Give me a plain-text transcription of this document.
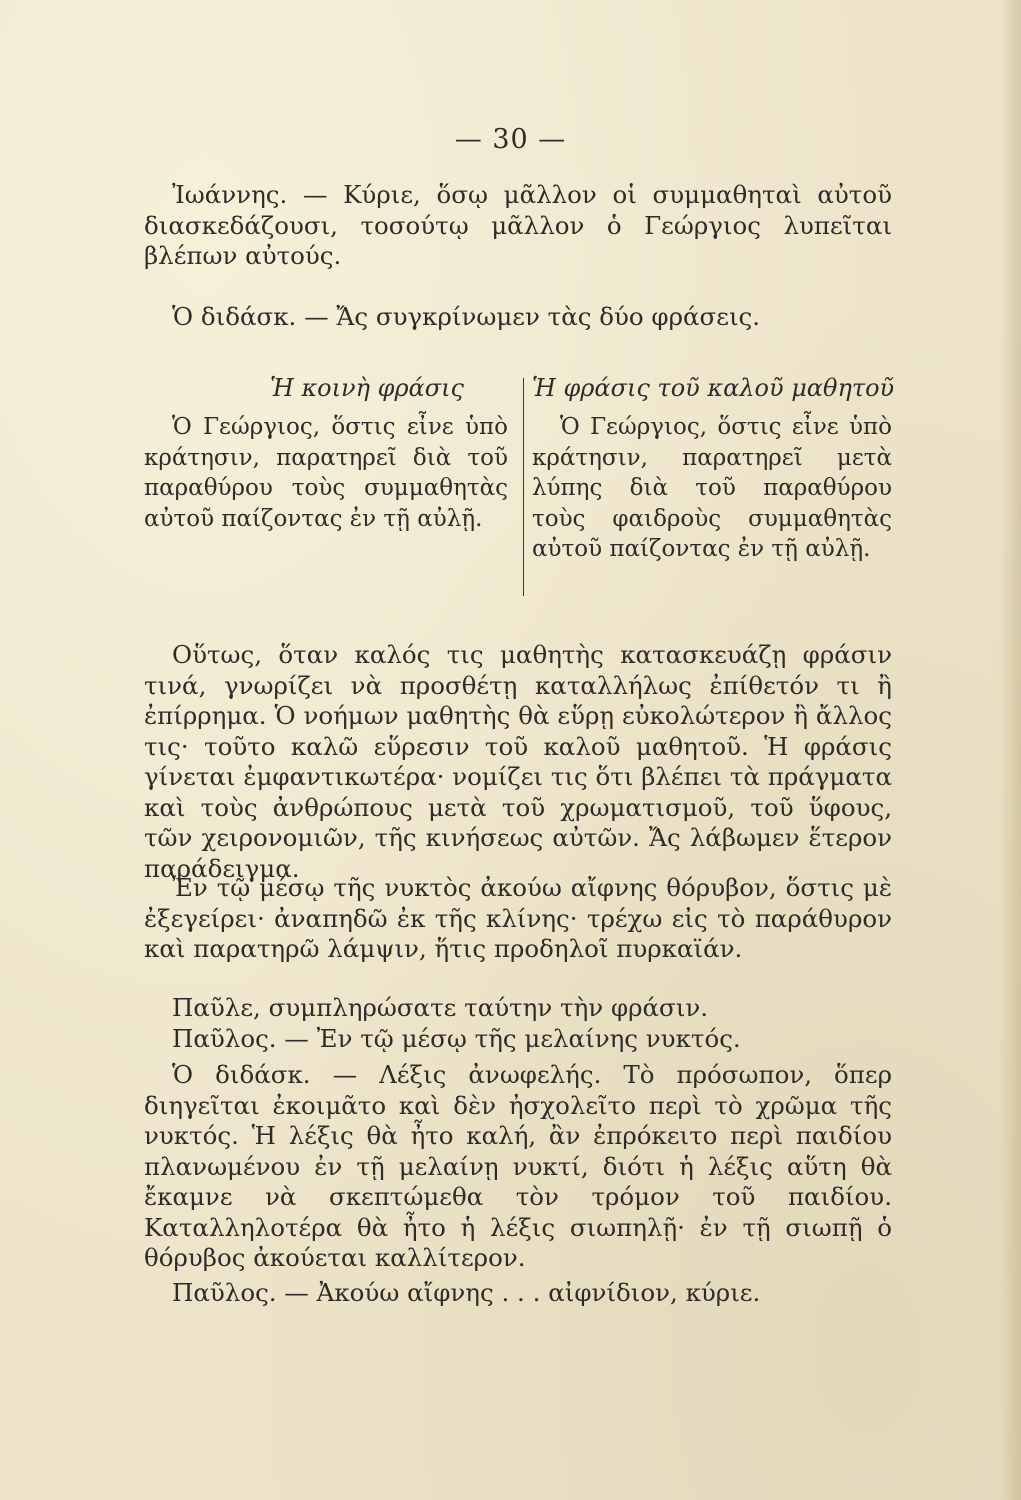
— 30 —

Ἰωάννης. — Κύριε, ὅσῳ μᾶλλον οἱ συμμαθηταὶ αὐτοῦ διασκεδάζουσι, τοσούτῳ μᾶλλον ὁ Γεώργιος λυπεῖται βλέπων αὐτούς.

Ὁ διδάσκ. — Ἄς συγκρίνωμεν τὰς δύο φράσεις.

Ἡ κοινὴ φράσις

Ὁ Γεώργιος, ὅστις εἶνε ὑπὸ κράτησιν, παρατηρεῖ διὰ τοῦ παραθύρου τοὺς συμμαθητὰς αὐτοῦ παίζοντας ἐν τῇ αὐλῇ.

Ἡ φράσις τοῦ καλοῦ μαθητοῦ

Ὁ Γεώργιος, ὅστις εἶνε ὑπὸ κράτησιν, παρατηρεῖ μετὰ λύπης διὰ τοῦ παραθύρου τοὺς φαιδροὺς συμμαθητὰς αὐτοῦ παίζοντας ἐν τῇ αὐλῇ.

Οὕτως, ὅταν καλός τις μαθητὴς κατασκευάζῃ φράσιν τινά, γνωρίζει νὰ προσθέτῃ καταλλήλως ἐπίθετόν τι ἢ ἐπίρρημα. Ὁ νοήμων μαθητὴς θὰ εὕρῃ εὐκολώτερον ἢ ἄλλος τις· τοῦτο καλῶ εὕρεσιν τοῦ καλοῦ μαθητοῦ. Ἡ φράσις γίνεται ἐμφαντικωτέρα· νομίζει τις ὅτι βλέπει τὰ πράγματα καὶ τοὺς ἀνθρώπους μετὰ τοῦ χρωματισμοῦ, τοῦ ὕφους, τῶν χειρονομιῶν, τῆς κινήσεως αὐτῶν. Ἄς λάβωμεν ἕτερον παράδειγμα.

Ἐν τῷ μέσῳ τῆς νυκτὸς ἀκούω αἴφνης θόρυβον, ὅστις μὲ ἐξεγείρει· ἀναπηδῶ ἐκ τῆς κλίνης· τρέχω εἰς τὸ παράθυρον καὶ παρατηρῶ λάμψιν, ἥτις προδηλοῖ πυρκαϊάν.

Παῦλε, συμπληρώσατε ταύτην τὴν φράσιν.

Παῦλος. — Ἐν τῷ μέσῳ τῆς μελαίνης νυκτός.

Ὁ διδάσκ. — Λέξις ἀνωφελής. Τὸ πρόσωπον, ὅπερ διηγεῖται ἐκοιμᾶτο καὶ δὲν ἠσχολεῖτο περὶ τὸ χρῶμα τῆς νυκτός. Ἡ λέξις θὰ ἦτο καλή, ἂν ἐπρόκειτο περὶ παιδίου πλανωμένου ἐν τῇ μελαίνῃ νυκτί, διότι ἡ λέξις αὕτη θὰ ἔκαμνε νὰ σκεπτώμεθα τὸν τρόμον τοῦ παιδίου. Καταλληλοτέρα θὰ ἦτο ἡ λέξις σιωπηλῇ· ἐν τῇ σιωπῇ ὁ θόρυβος ἀκούεται καλλίτερον.

Παῦλος. — Ἀκούω αἴφνης . . . αἰφνίδιον, κύριε.
